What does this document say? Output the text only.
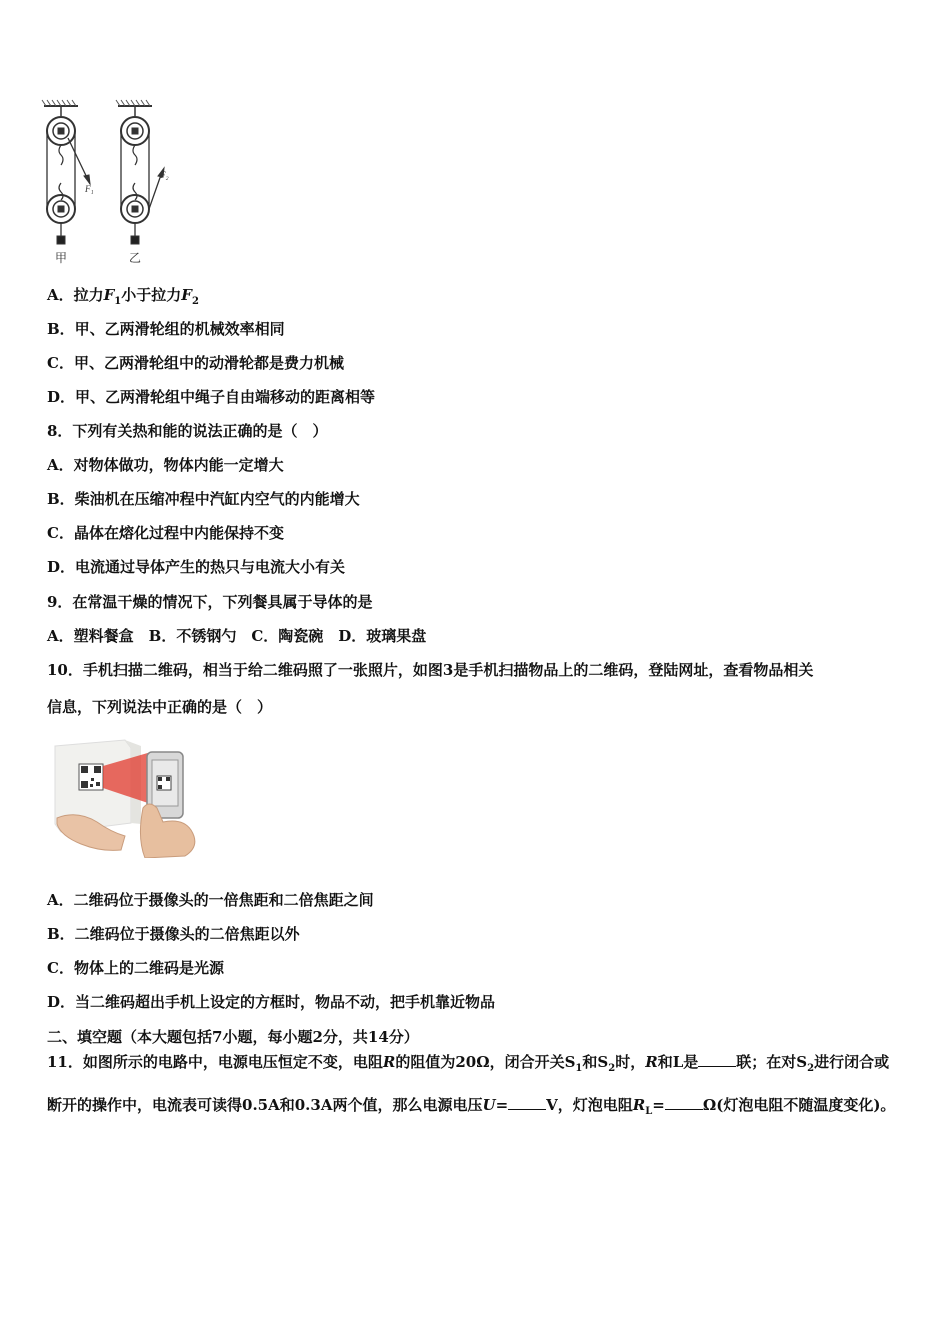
F₁
F₂
甲	乙
A．拉力$F_1$小于拉力$F_2$
B．甲、乙两滑轮组的机械效率相同
C．甲、乙两滑轮组中的动滑轮都是费力机械
D．甲、乙两滑轮组中绳子自由端移动的距离相等
8．下列有关热和能的说法正确的是（　）
A．对物体做功，物体内能一定增大
B．柴油机在压缩冲程中汽缸内空气的内能增大
C．晶体在熔化过程中内能保持不变
D．电流通过导体产生的热只与电流大小有关
9．在常温干燥的情况下，下列餐具属于导体的是
A．塑料餐盒　B．不锈钢勺　C．陶瓷碗　D．玻璃果盘
10．手机扫描二维码，相当于给二维码照了一张照片，如图3是手机扫描物品上的二维码，登陆网址，查看物品相关
信息，下列说法中正确的是（　）
A．二维码位于摄像头的一倍焦距和二倍焦距之间
B．二维码位于摄像头的二倍焦距以外
C．物体上的二维码是光源
D．当二维码超出手机上设定的方框时，物品不动，把手机靠近物品
二、填空题（本大题包括7小题，每小题2分，共14分）
11．如图所示的电路中，电源电压恒定不变，电阻R的阻值为20Ω，闭合开关$S_1$和$S_2$时，R和L是	联；在对$S_2$进行闭合或断开的操作中，电流表可读得0.5A和0.3A两个值，那么电源电压U=	V，灯泡电阻$R_L=$	Ω(灯泡电阻不随温度变化)。
